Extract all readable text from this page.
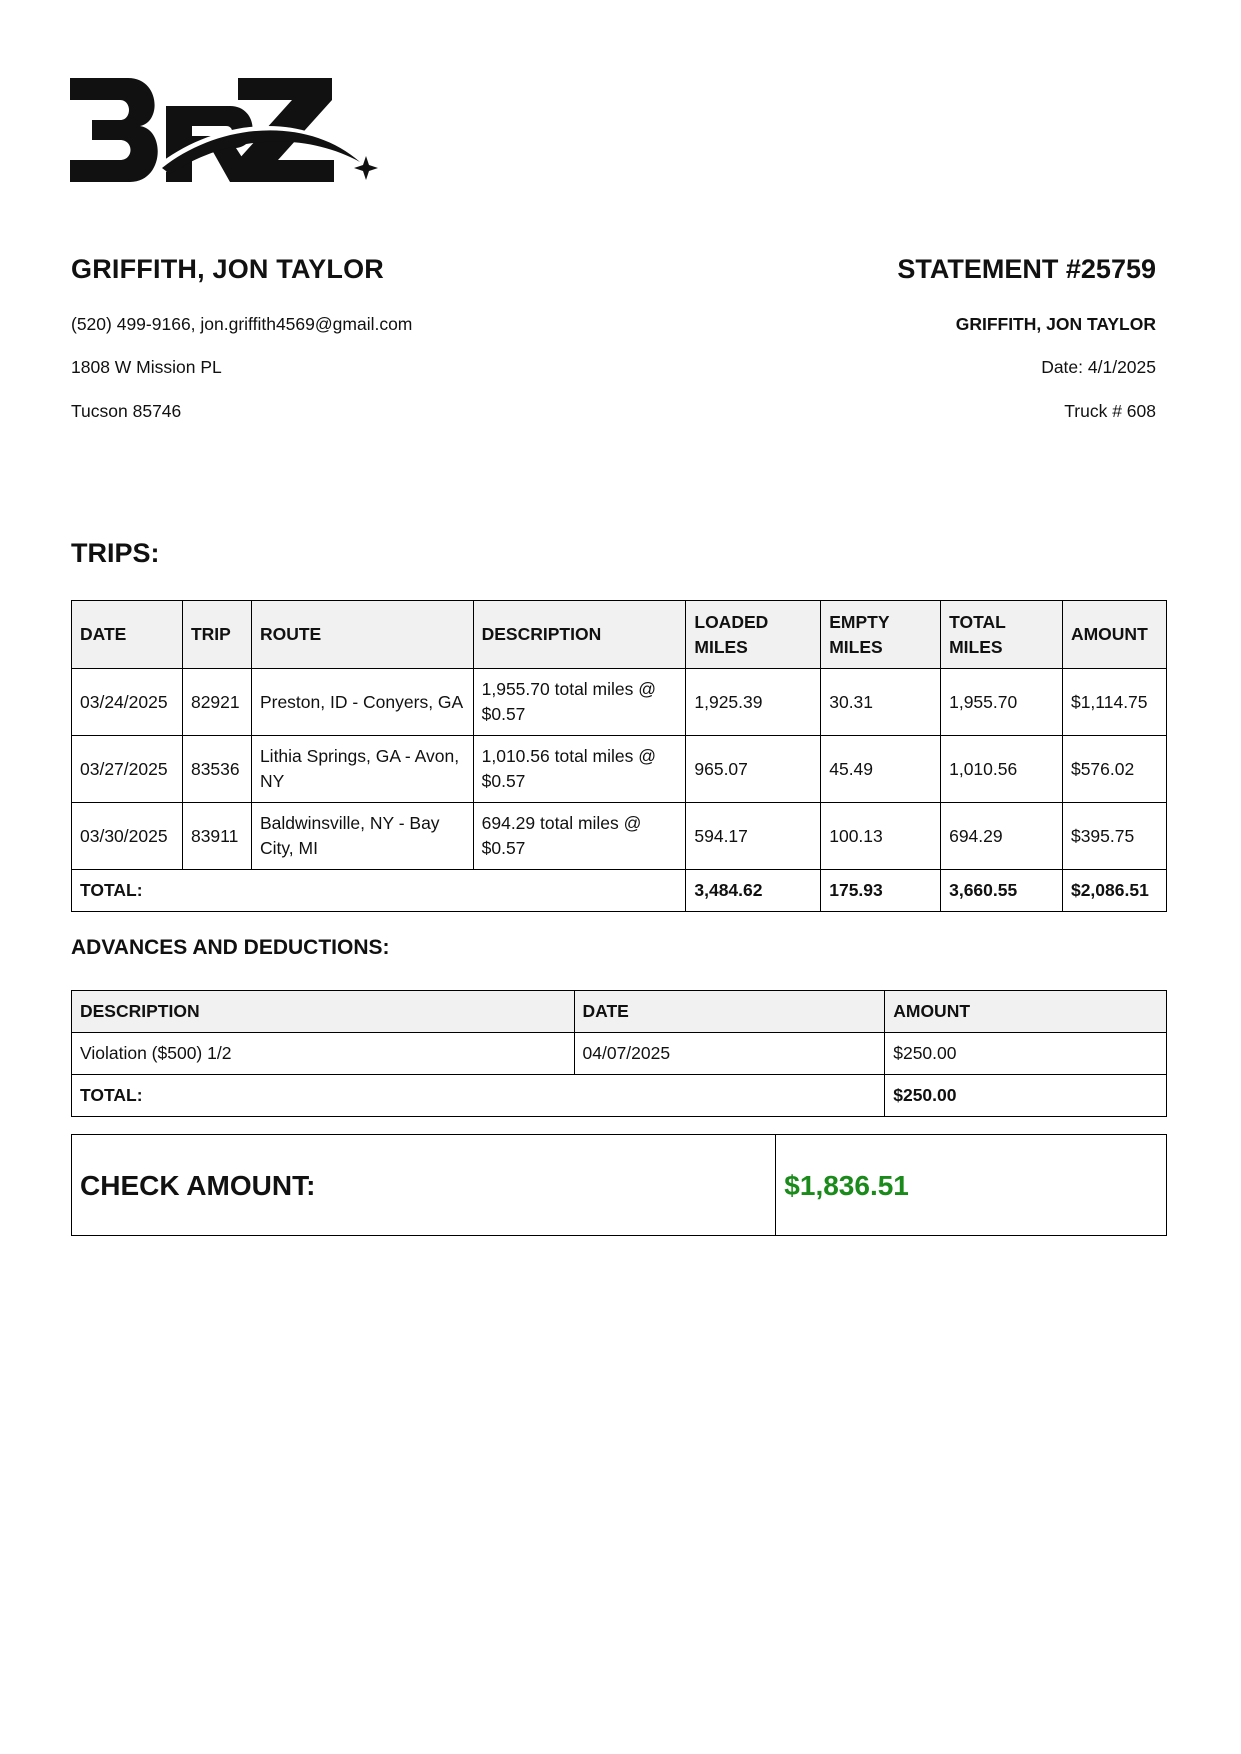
GRIFFITH, JON TAYLOR	STATEMENT #25759
(520) 499-9166, jon.griffith4569@gmail.com
1808 W Mission PL
Tucson 85746
GRIFFITH, JON TAYLOR
Date: 4/1/2025
Truck # 608
TRIPS:
DATE	TRIP	ROUTE	DESCRIPTION	LOADED MILES	EMPTY MILES	TOTAL MILES	AMOUNT
03/24/2025	82921	Preston, ID - Conyers, GA	1,955.70 total miles @ $0.57	1,925.39	30.31	1,955.70	$1,114.75
03/27/2025	83536	Lithia Springs, GA - Avon, NY	1,010.56 total miles @ $0.57	965.07	45.49	1,010.56	$576.02
03/30/2025	83911	Baldwinsville, NY - Bay City, MI	694.29 total miles @ $0.57	594.17	100.13	694.29	$395.75
TOTAL:				3,484.62	175.93	3,660.55	$2,086.51
ADVANCES AND DEDUCTIONS:
DESCRIPTION	DATE	AMOUNT
Violation ($500) 1/2	04/07/2025	$250.00
TOTAL:		$250.00
CHECK AMOUNT:	$1,836.51
